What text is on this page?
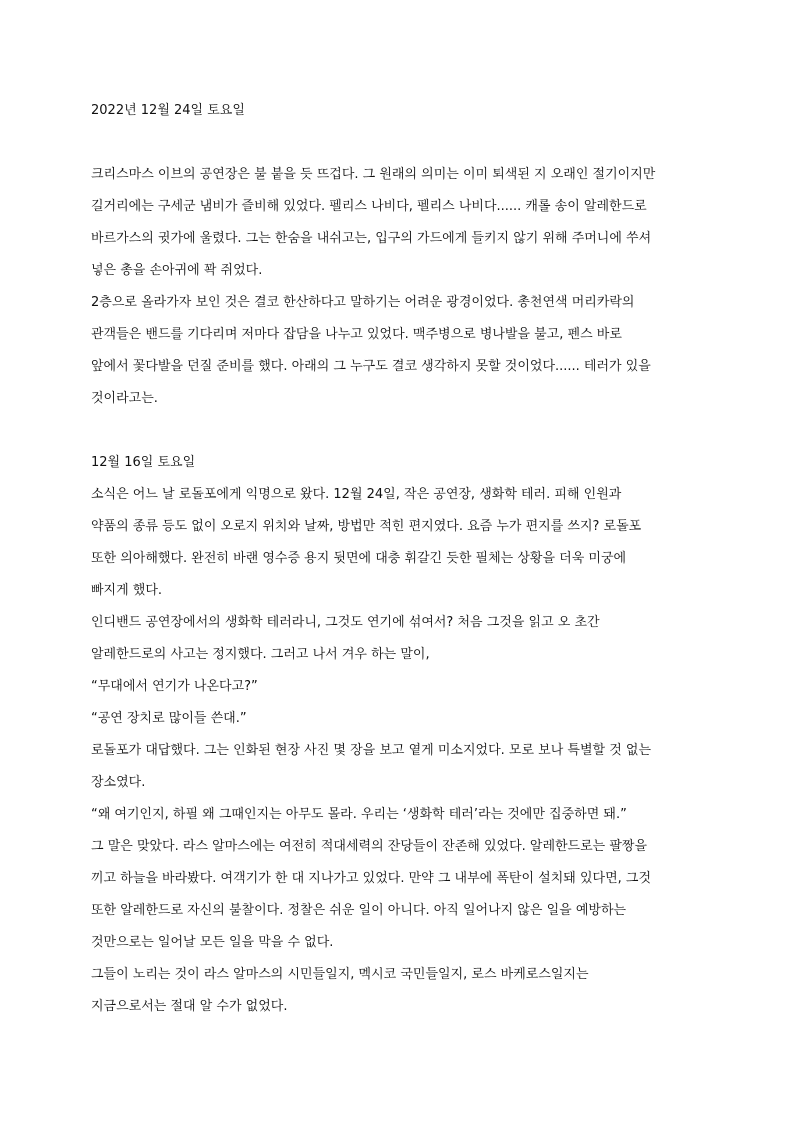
2022년 12월 24일 토요일
크리스마스 이브의 공연장은 불 붙을 듯 뜨겁다. 그 원래의 의미는 이미 퇴색된 지 오래인 절기이지만
길거리에는 구세군 냄비가 즐비해 있었다. 펠리스 나비다, 펠리스 나비다...... 캐롤 송이 알레한드로
바르가스의 귓가에 울렸다. 그는 한숨을 내쉬고는, 입구의 가드에게 들키지 않기 위해 주머니에 쑤셔
넣은 총을 손아귀에 꽉 쥐었다.
2층으로 올라가자 보인 것은 결코 한산하다고 말하기는 어려운 광경이었다. 총천연색 머리카락의
관객들은 밴드를 기다리며 저마다 잡담을 나누고 있었다. 맥주병으로 병나발을 불고, 펜스 바로
앞에서 꽃다발을 던질 준비를 했다. 아래의 그 누구도 결코 생각하지 못할 것이었다...... 테러가 있을
것이라고는.
12월 16일 토요일
소식은 어느 날 로돌포에게 익명으로 왔다. 12월 24일, 작은 공연장, 생화학 테러. 피해 인원과
약품의 종류 등도 없이 오로지 위치와 날짜, 방법만 적힌 편지였다. 요즘 누가 편지를 쓰지? 로돌포
또한 의아해했다. 완전히 바랜 영수증 용지 뒷면에 대충 휘갈긴 듯한 필체는 상황을 더욱 미궁에
빠지게 했다.
인디밴드 공연장에서의 생화학 테러라니, 그것도 연기에 섞여서? 처음 그것을 읽고 오 초간
알레한드로의 사고는 정지했다. 그러고 나서 겨우 하는 말이,
“무대에서 연기가 나온다고?”
“공연 장치로 많이들 쓴대.”
로돌포가 대답했다. 그는 인화된 현장 사진 몇 장을 보고 옅게 미소지었다. 모로 보나 특별할 것 없는
장소였다.
“왜 여기인지, 하필 왜 그때인지는 아무도 몰라. 우리는 ‘생화학 테러’라는 것에만 집중하면 돼.”
그 말은 맞았다. 라스 알마스에는 여전히 적대세력의 잔당들이 잔존해 있었다. 알레한드로는 팔짱을
끼고 하늘을 바라봤다. 여객기가 한 대 지나가고 있었다. 만약 그 내부에 폭탄이 설치돼 있다면, 그것
또한 알레한드로 자신의 불찰이다. 정찰은 쉬운 일이 아니다. 아직 일어나지 않은 일을 예방하는
것만으로는 일어날 모든 일을 막을 수 없다.
그들이 노리는 것이 라스 알마스의 시민들일지, 멕시코 국민들일지, 로스 바케로스일지는
지금으로서는 절대 알 수가 없었다.
